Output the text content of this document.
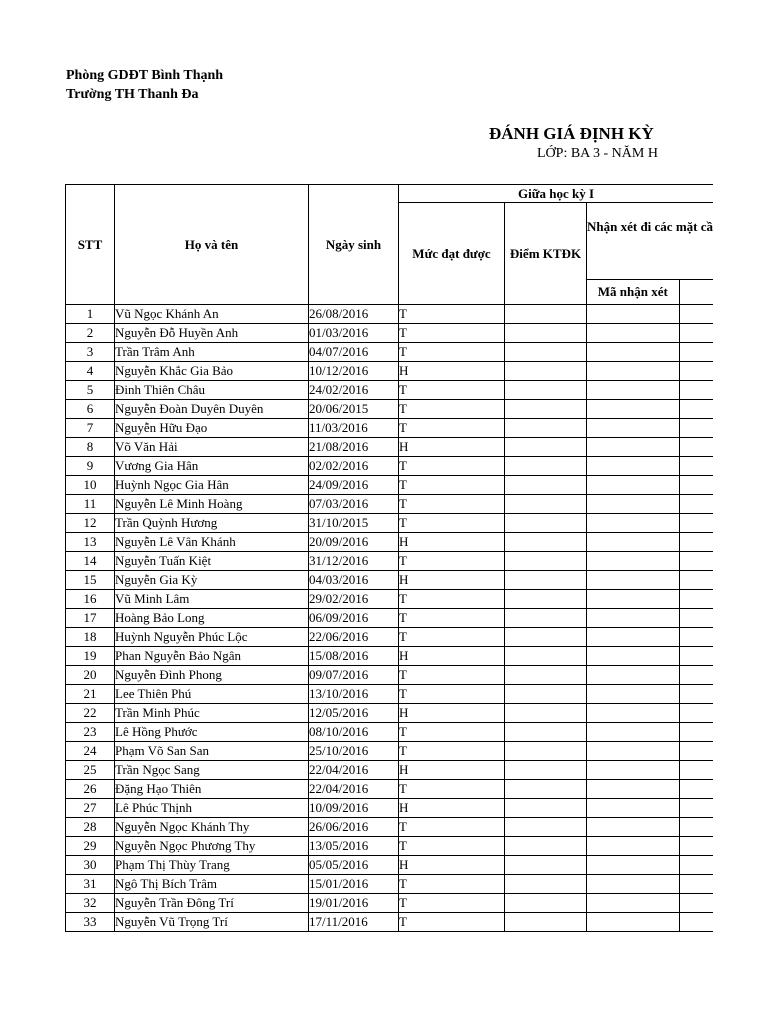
Phòng GDĐT Bình Thạnh
Trường TH Thanh Đa
ĐÁNH GIÁ ĐỊNH KỲ
LỚP: BA 3 - NĂM H
STT	Họ và tên	Ngày sinh	Giữa học kỳ I			
			Mức đạt được	Điểm KTĐK	Nhận xét đi các mặt cầ	
					Mã nhận xét	
1	Vũ Ngọc Khánh An	26/08/2016	T			
2	Nguyễn Đỗ Huyền Anh	01/03/2016	T			
3	Trần Trâm Anh	04/07/2016	T			
4	Nguyễn Khắc Gia Bảo	10/12/2016	H			
5	Đinh Thiên Châu	24/02/2016	T			
6	Nguyễn Đoàn Duyên Duyên	20/06/2015	T			
7	Nguyễn Hữu Đạo	11/03/2016	T			
8	Võ Văn Hải	21/08/2016	H			
9	Vương Gia Hân	02/02/2016	T			
10	Huỳnh Ngọc Gia Hân	24/09/2016	T			
11	Nguyễn Lê Minh Hoàng	07/03/2016	T			
12	Trần Quỳnh Hương	31/10/2015	T			
13	Nguyễn Lê Vân Khánh	20/09/2016	H			
14	Nguyễn Tuấn Kiệt	31/12/2016	T			
15	Nguyễn Gia Kỳ	04/03/2016	H			
16	Vũ Minh Lâm	29/02/2016	T			
17	Hoàng Bảo Long	06/09/2016	T			
18	Huỳnh Nguyễn Phúc Lộc	22/06/2016	T			
19	Phan Nguyễn Bảo Ngân	15/08/2016	H			
20	Nguyễn Đình Phong	09/07/2016	T			
21	Lee Thiên Phú	13/10/2016	T			
22	Trần Minh Phúc	12/05/2016	H			
23	Lê Hồng Phước	08/10/2016	T			
24	Phạm Võ San San	25/10/2016	T			
25	Trần Ngọc Sang	22/04/2016	H			
26	Đặng Hạo Thiên	22/04/2016	T			
27	Lê Phúc Thịnh	10/09/2016	H			
28	Nguyễn Ngọc Khánh Thy	26/06/2016	T			
29	Nguyễn Ngọc Phương Thy	13/05/2016	T			
30	Phạm Thị Thùy Trang	05/05/2016	H			
31	Ngô Thị Bích Trâm	15/01/2016	T			
32	Nguyễn Trần Đông Trí	19/01/2016	T			
33	Nguyễn Vũ Trọng Trí	17/11/2016	T			
